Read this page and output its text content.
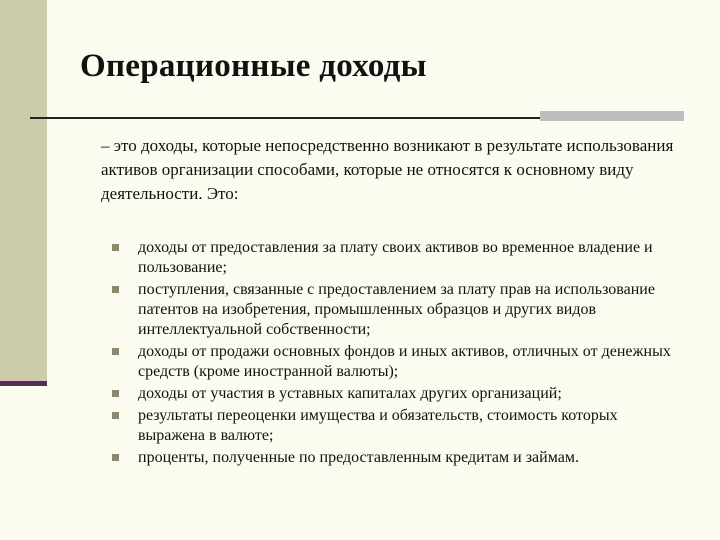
Операционные доходы

– это доходы, которые непосредственно возникают в результате использования активов организации способами, которые не относятся к основному виду деятельности. Это:

доходы от предоставления за плату своих активов во временное владение и пользование;
поступления, связанные с предоставлением за плату прав на использование патентов на изобретения, промышленных образцов и других видов интеллектуальной собственности;
доходы от продажи основных фондов и иных активов, отличных от денежных средств (кроме иностранной валюты);
доходы от участия в уставных капиталах других организаций;
результаты переоценки имущества и обязательств, стоимость которых выражена в валюте;
проценты, полученные по предоставленным кредитам и займам.
